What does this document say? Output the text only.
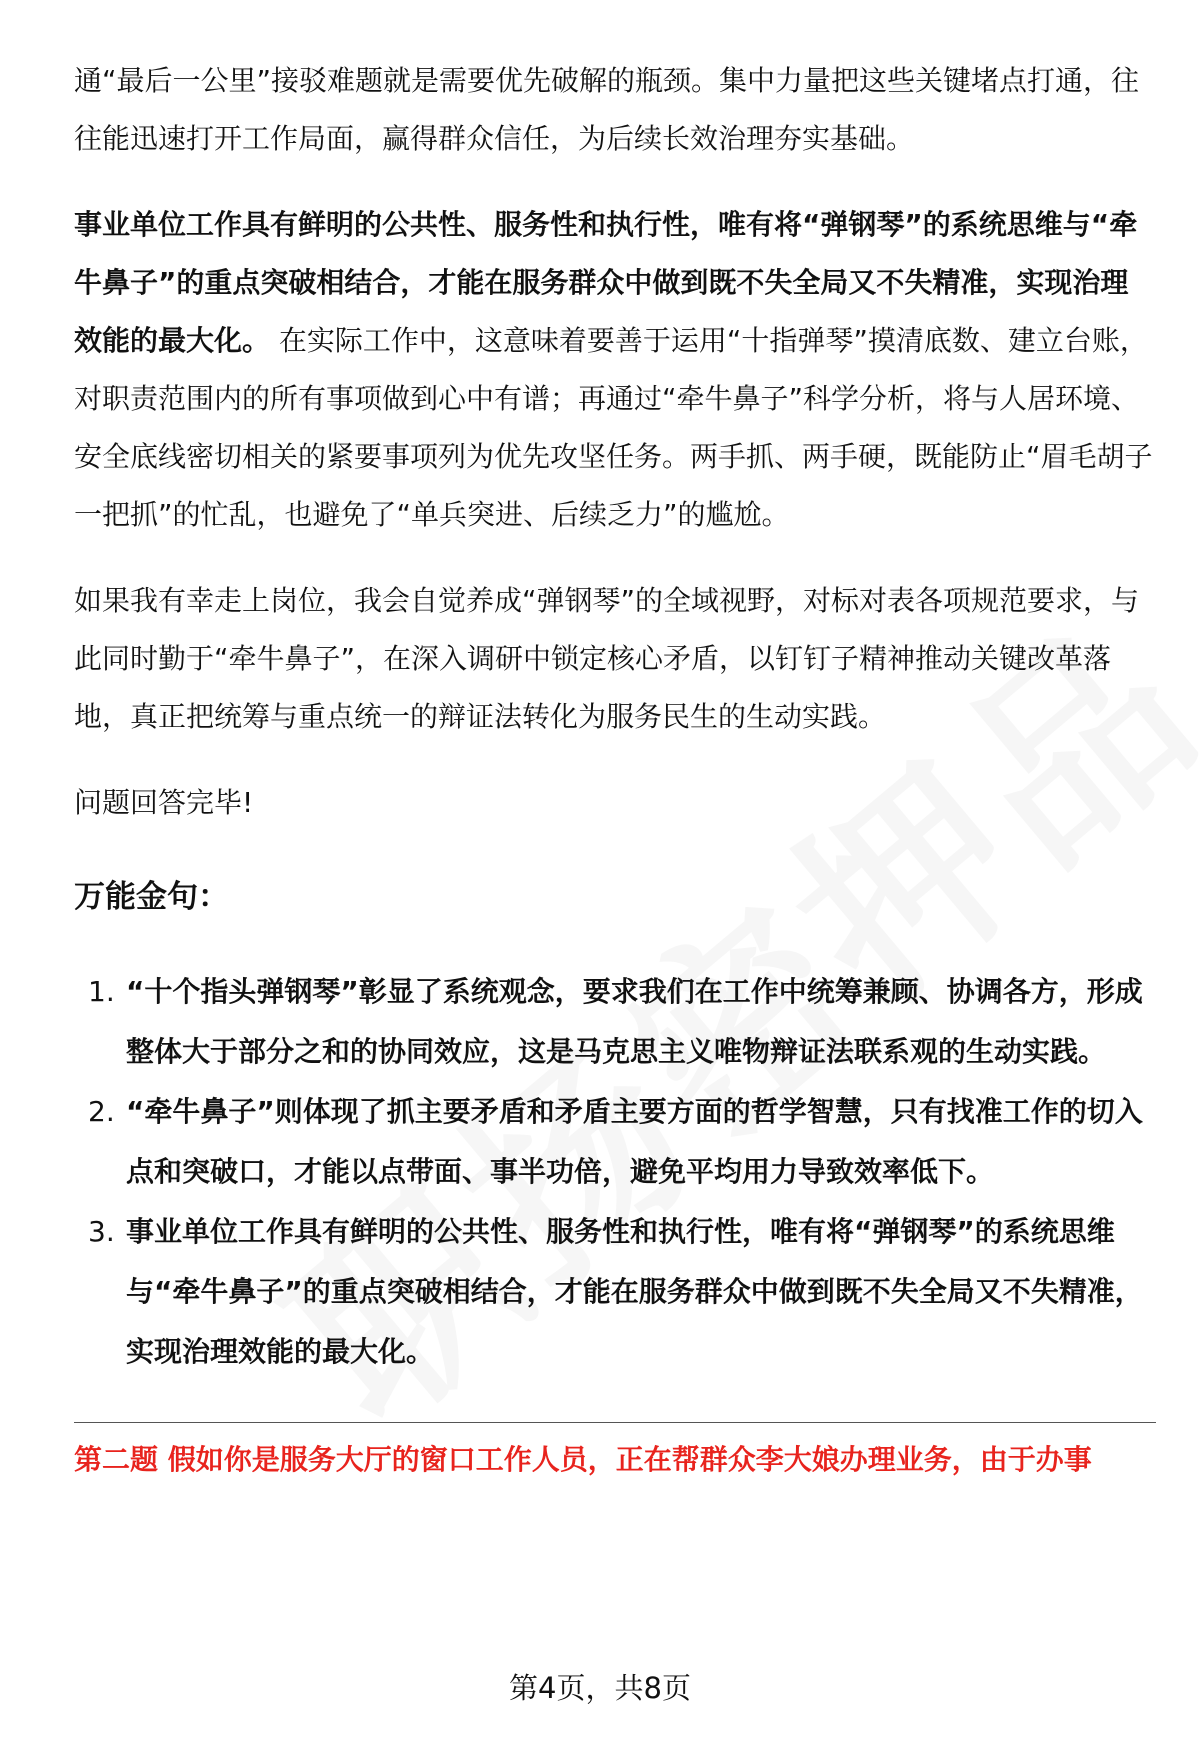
通“最后一公里”接驳难题就是需要优先破解的瓶颈。集中力量把这些关键堵点打通，往往能迅速打开工作局面，赢得群众信任，为后续长效治理夯实基础。

事业单位工作具有鲜明的公共性、服务性和执行性，唯有将“弹钢琴”的系统思维与“牵牛鼻子”的重点突破相结合，才能在服务群众中做到既不失全局又不失精准，实现治理效能的最大化。 在实际工作中，这意味着要善于运用“十指弹琴”摸清底数、建立台账，对职责范围内的所有事项做到心中有谱；再通过“牵牛鼻子”科学分析，将与人居环境、安全底线密切相关的紧要事项列为优先攻坚任务。两手抓、两手硬，既能防止“眉毛胡子一把抓”的忙乱，也避免了“单兵突进、后续乏力”的尴尬。

如果我有幸走上岗位，我会自觉养成“弹钢琴”的全域视野，对标对表各项规范要求，与此同时勤于“牵牛鼻子”，在深入调研中锁定核心矛盾，以钉钉子精神推动关键改革落地，真正把统筹与重点统一的辩证法转化为服务民生的生动实践。

问题回答完毕!

万能金句：
1. “十个指头弹钢琴”彰显了系统观念，要求我们在工作中统筹兼顾、协调各方，形成整体大于部分之和的协同效应，这是马克思主义唯物辩证法联系观的生动实践。
2. “牵牛鼻子”则体现了抓主要矛盾和矛盾主要方面的哲学智慧，只有找准工作的切入点和突破口，才能以点带面、事半功倍，避免平均用力导致效率低下。
3. 事业单位工作具有鲜明的公共性、服务性和执行性，唯有将“弹钢琴”的系统思维与“牵牛鼻子”的重点突破相结合，才能在服务群众中做到既不失全局又不失精准，实现治理效能的最大化。

第二题 假如你是服务大厅的窗口工作人员，正在帮群众李大娘办理业务，由于办事

第4页，共8页
